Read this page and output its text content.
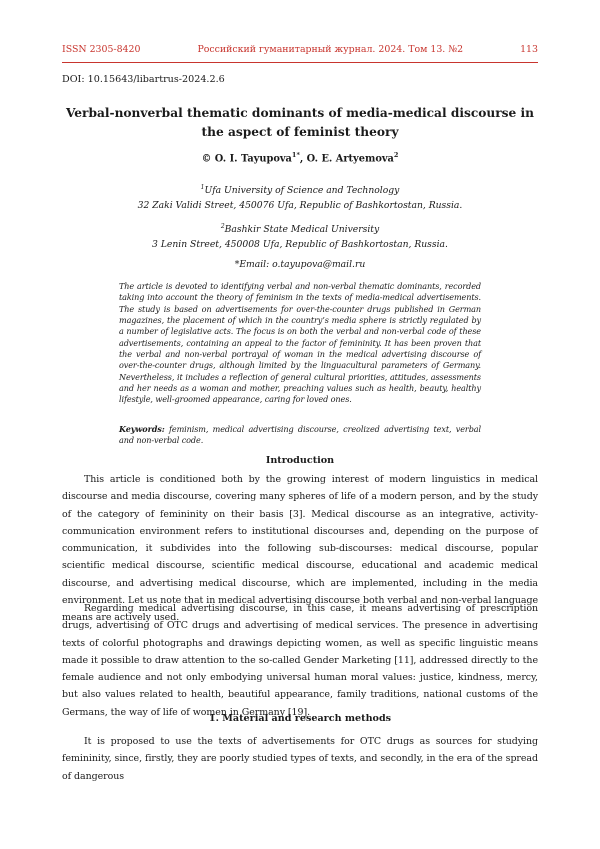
ISSN 2305-8420	Российский гуманитарный журнал. 2024. Том 13. №2	113
DOI: 10.15643/libartrus-2024.2.6
Verbal-nonverbal thematic dominants of media-medical discourse in the aspect of feminist theory
© O. I. Tayupova$^{1*}$, O. E. Artyemova$^2$
$^1$Ufa University of Science and Technology
32 Zaki Validi Street, 450076 Ufa, Republic of Bashkortostan, Russia.
$^2$Bashkir State Medical University
3 Lenin Street, 450008 Ufa, Republic of Bashkortostan, Russia.
*Email: o.tayupova@mail.ru
The article is devoted to identifying verbal and non-verbal thematic dominants, recorded taking into account the theory of feminism in the texts of media-medical advertisements. The study is based on advertisements for over-the-counter drugs published in German magazines, the placement of which in the country’s media sphere is strictly regulated by a number of legislative acts. The focus is on both the verbal and non-verbal code of these advertisements, containing an appeal to the factor of femininity. It has been proven that the verbal and non-verbal portrayal of woman in the medical advertising discourse of over-the-counter drugs, although limited by the linguacultural parameters of Germany. Nevertheless, it includes a reflection of general cultural priorities, attitudes, assessments and her needs as a woman and mother, preaching values such as health, beauty, healthy lifestyle, well-groomed appearance, caring for loved ones.
Keywords: feminism, medical advertising discourse, creolized advertising text, verbal and non-verbal code.
Introduction

This article is conditioned both by the growing interest of modern linguistics in medical discourse and media discourse, covering many spheres of life of a modern person, and by the study of the category of femininity on their basis [3]. Medical discourse as an integrative, activity-communication environment refers to institutional discourses and, depending on the purpose of communication, it subdivides into the following sub-discourses: medical discourse, popular scientific medical discourse, scientific medical discourse, educational and academic medical discourse, and advertising medical discourse, which are implemented, including in the media environment. Let us note that in medical advertising discourse both verbal and non-verbal language means are actively used.

Regarding medical advertising discourse, in this case, it means advertising of prescription drugs, advertising of OTC drugs and advertising of medical services. The presence in advertising texts of colorful photographs and drawings depicting women, as well as specific linguistic means made it possible to draw attention to the so-called Gender Marketing [11], addressed directly to the female audience and not only embodying universal human moral values: justice, kindness, mercy, but also values related to health, beautiful appearance, family traditions, national customs of the Germans, the way of life of women in Germany [19].

1. Material and research methods

It is proposed to use the texts of advertisements for OTC drugs as sources for studying femininity, since, firstly, they are poorly studied types of texts, and secondly, in the era of the spread of dangerous
